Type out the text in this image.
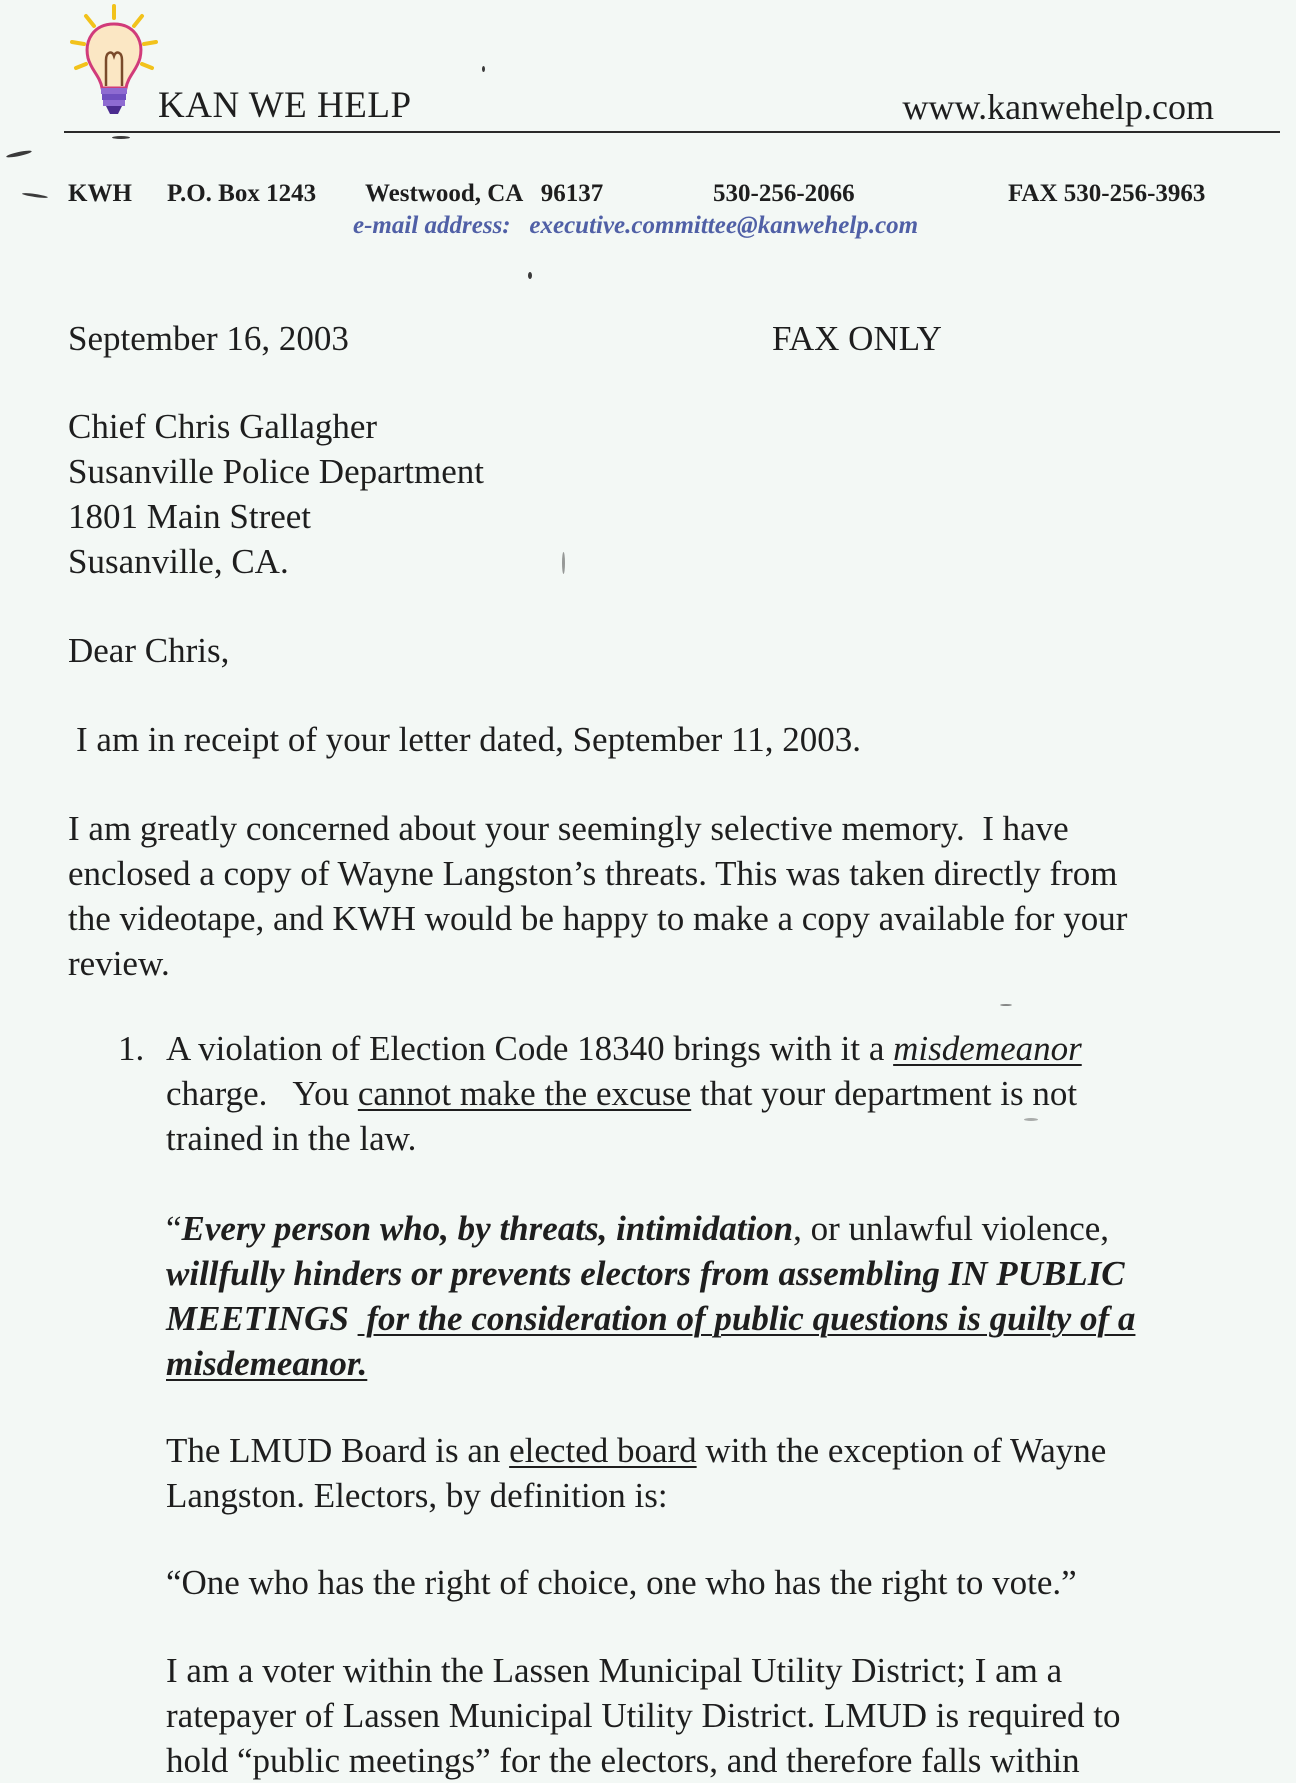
KAN WE HELP	www.kanwehelp.com
KWH P.O. Box 1243 Westwood, CA   96137	530-256-2066	FAX 530-256-3963
e-mail address: executive.committee@kanwehelp.com
September 16, 2003	FAX ONLY
Chief Chris Gallagher
Susanville Police Department
1801 Main Street
Susanville, CA.
Dear Chris,
I am in receipt of your letter dated, September 11, 2003.
I am greatly concerned about your seemingly selective memory.  I have
enclosed a copy of Wayne Langston’s threats. This was taken directly from
the videotape, and KWH would be happy to make a copy available for your
review.
1. A violation of Election Code 18340 brings with it a misdemeanor
charge.   You cannot make the excuse that your department is not
trained in the law.
“Every person who, by threats, intimidation, or unlawful violence,
willfully hinders or prevents electors from assembling IN PUBLIC
MEETINGS  for the consideration of public questions is guilty of a
misdemeanor.
The LMUD Board is an elected board with the exception of Wayne
Langston. Electors, by definition is:
“One who has the right of choice, one who has the right to vote.”
I am a voter within the Lassen Municipal Utility District; I am a
ratepayer of Lassen Municipal Utility District. LMUD is required to
hold “public meetings” for the electors, and therefore falls within
